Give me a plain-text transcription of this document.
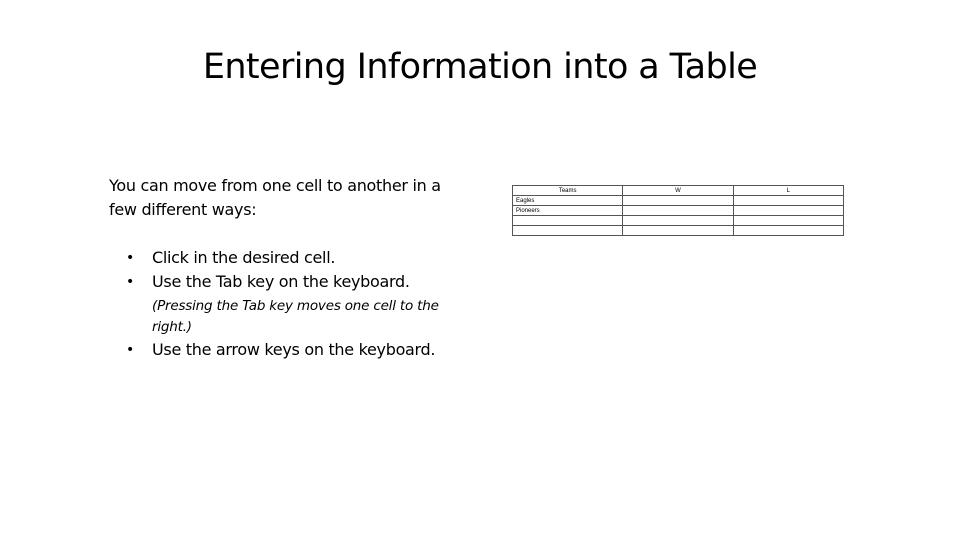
Entering Information into a Table

You can move from one cell to another in a few different ways:

• Click in the desired cell.
• Use the Tab key on the keyboard.
(Pressing the Tab key moves one cell to the right.)
• Use the arrow keys on the keyboard.
Teams	W	L
Eagles		
Pioneers		
